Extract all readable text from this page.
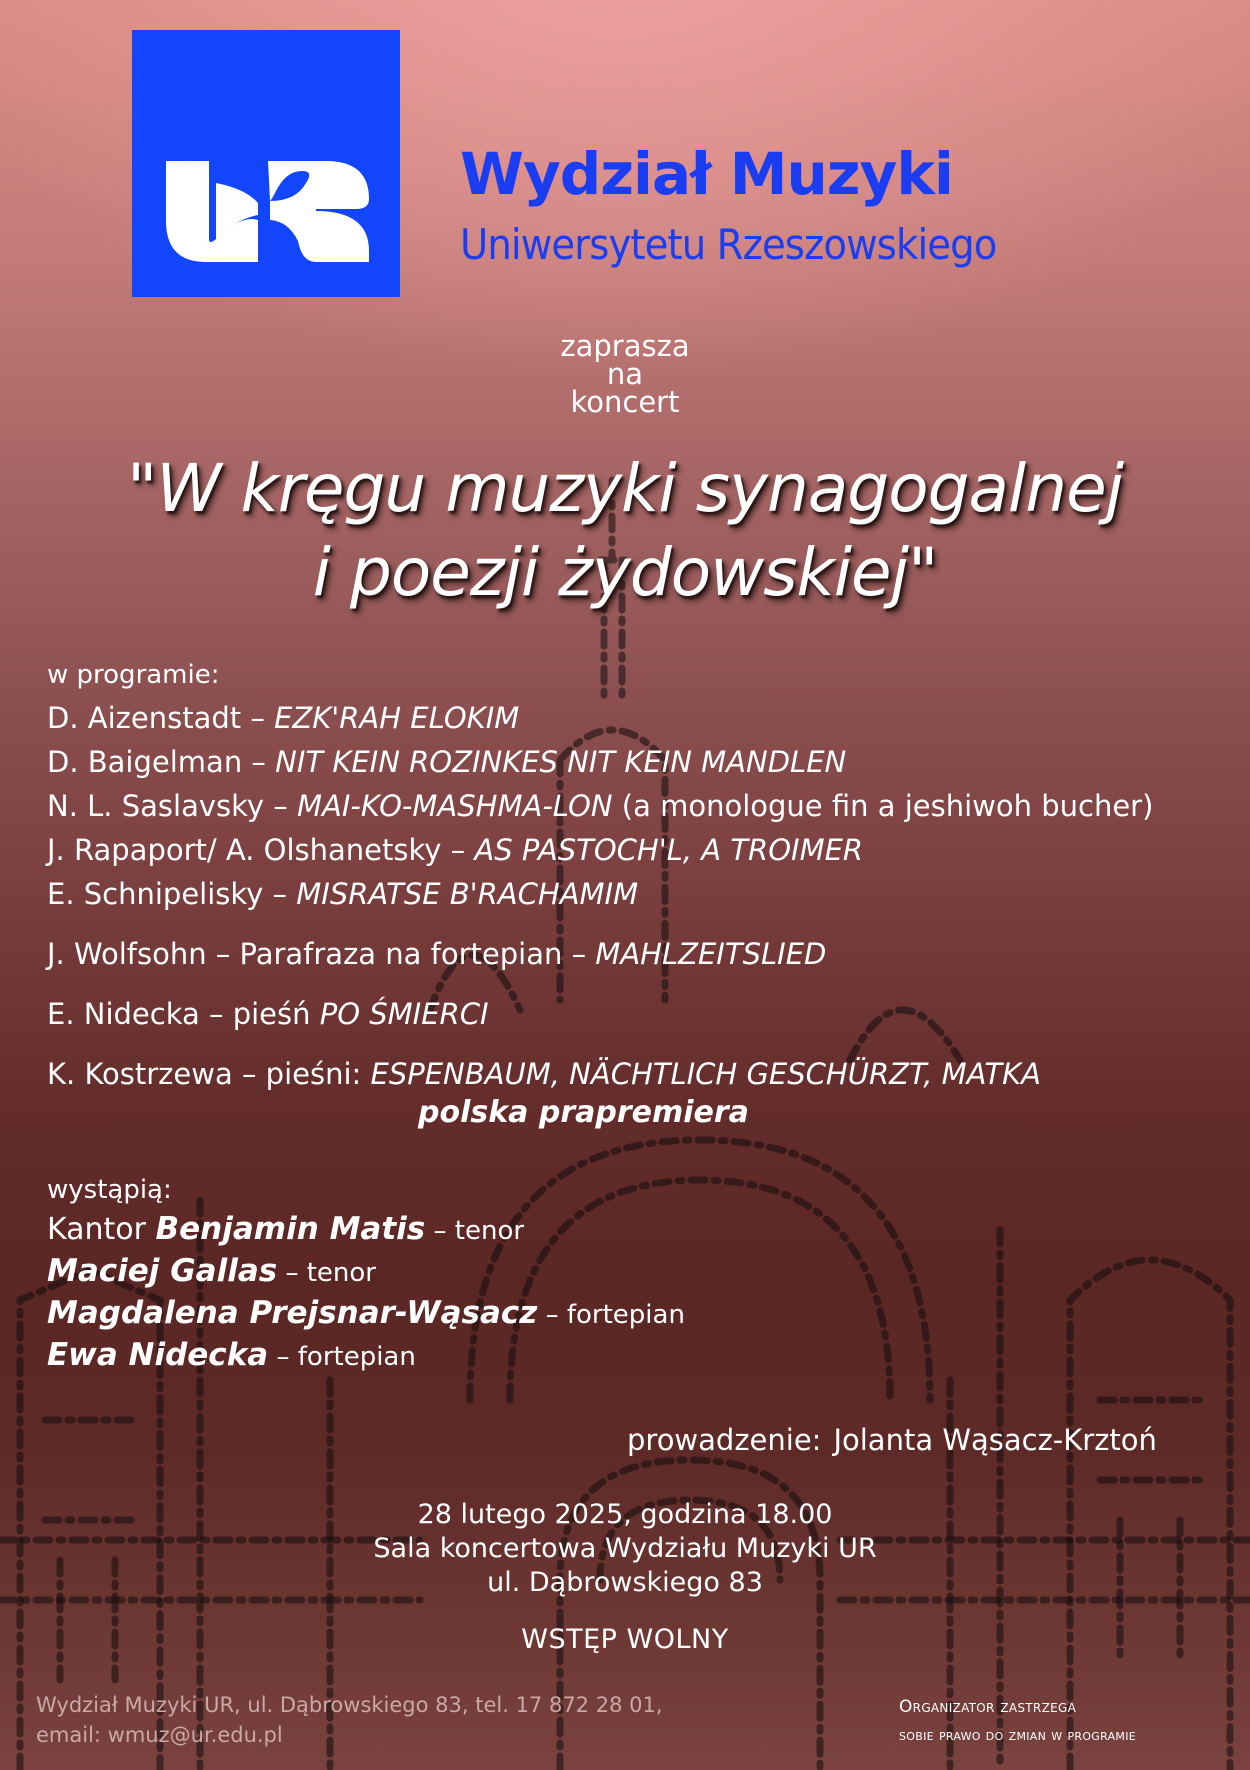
Wydział Muzyki
Uniwersytetu Rzeszowskiego
zaprasza
na
koncert
"W kręgu muzyki synagogalnej
i poezji żydowskiej"
w programie:
D. Aizenstadt – EZK'RAH ELOKIM
D. Baigelman – NIT KEIN ROZINKES NIT KEIN MANDLEN
N. L. Saslavsky – MAI-KO-MASHMA-LON (a monologue fin a jeshiwoh bucher)
J. Rapaport/ A. Olshanetsky – AS PASTOCH'L, A TROIMER
E. Schnipelisky – MISRATSE B'RACHAMIM
J. Wolfsohn – Parafraza na fortepian – MAHLZEITSLIED
E. Nidecka – pieśń PO ŚMIERCI
K. Kostrzewa – pieśni: ESPENBAUM, NÄCHTLICH GESCHÜRZT, MATKA
polska prapremiera
wystąpią:
Kantor Benjamin Matis – tenor
Maciej Gallas – tenor
Magdalena Prejsnar-Wąsacz – fortepian
Ewa Nidecka – fortepian
prowadzenie: Jolanta Wąsacz-Krztoń
28 lutego 2025, godzina 18.00
Sala koncertowa Wydziału Muzyki UR
ul. Dąbrowskiego 83
WSTĘP WOLNY
Wydział Muzyki UR, ul. Dąbrowskiego 83, tel. 17 872 28 01,
email: wmuz@ur.edu.pl
Organizator zastrzega
sobie prawo do zmian w programie
